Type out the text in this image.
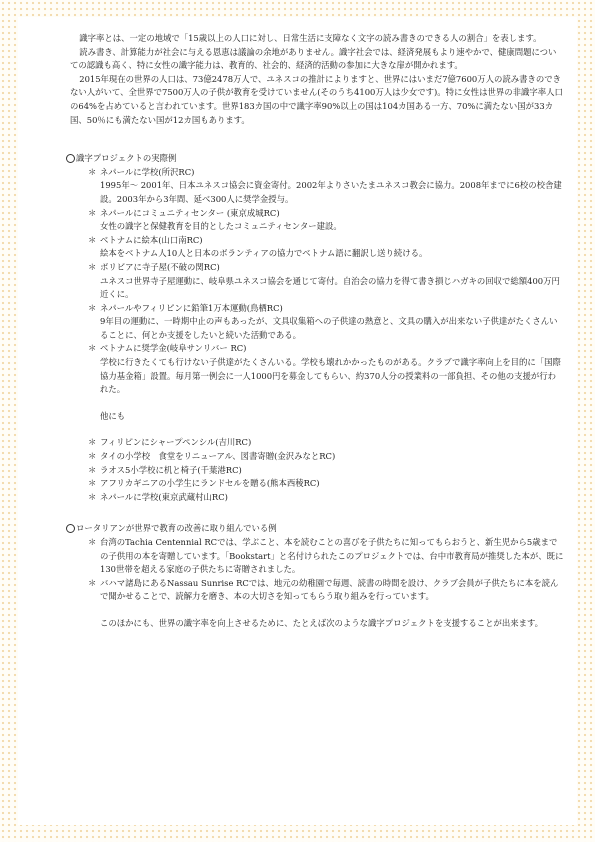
識字率とは、一定の地域で「15歳以上の人口に対し、日常生活に支障なく文字の読み書きのできる人の割合」を表します。

読み書き、計算能力が社会に与える恩恵は議論の余地がありません。識字社会では、経済発展もより速やかで、健康問題についての認識も高く、特に女性の識字能力は、教育的、社会的、経済的活動の参加に大きな扉が開かれます。

2015年現在の世界の人口は、73億2478万人で、ユネスコの推計によりますと、世界にはいまだ7億7600万人の読み書きのできない人がいて、全世界で7500万人の子供が教育を受けていません(そのうち4100万人は少女です)。特に女性は世界の非識字率人口の64%を占めていると言われています。世界183カ国の中で識字率90%以上の国は104カ国ある一方、70%に満たない国が33カ国、50％にも満たない国が12カ国もあります。

識字プロジェクトの実際例
＊ ネパールに学校(所沢RC)

1995年～ 2001年、日本ユネスコ協会に資金寄付。2002年よりさいたまユネスコ教会に協力。2008年までに6校の校舎建設。2003年から3年間、延べ300人に奨学金授与。

＊ ネパールにコミュニティセンター (東京成城RC)

女性の識字と保健教育を目的としたコミュニティセンター建設。

＊ ベトナムに絵本(山口南RC)

絵本をベトナム人10人と日本のボランティアの協力でベトナム語に翻訳し送り続ける。

＊ ボリビアに寺子屋(不破の関RC)

ユネスコ世界寺子屋運動に、岐阜県ユネスコ協会を通じて寄付。自治会の協力を得て書き損じハガキの回収で総額400万円近くに。

＊ ネパールやフィリピンに鉛筆1万本運動(鳥栖RC)

9年目の運動に、一時期中止の声もあったが、文具収集箱への子供達の熱意と、文具の購入が出来ない子供達がたくさんいることに、何とか支援をしたいと続いた活動である。

＊ ベトナムに奨学金(岐阜サンリバー RC)

学校に行きたくても行けない子供達がたくさんいる。学校も壊れかかったものがある。クラブで識字率向上を目的に「国際協力基金箱」設置。毎月第一例会に一人1000円を募金してもらい、約370人分の授業料の一部負担、その他の支援が行われた。

他にも

＊ フィリピンにシャープペンシル(吉川RC)
＊ タイの小学校　食堂をリニューアル、図書寄贈(金沢みなとRC)
＊ ラオス5小学校に机と椅子(千葉港RC)
＊ アフリカギニアの小学生にランドセルを贈る(熊本西稜RC)
＊ ネパールに学校(東京武蔵村山RC)
ロータリアンが世界で教育の改善に取り組んでいる例
＊ 台湾のTachia Centennial RCでは、学ぶこと、本を読むことの喜びを子供たちに知ってもらおうと、新生児から5歳までの子供用の本を寄贈しています。「Bookstart」と名付けられたこのプロジェクトでは、台中市教育局が推奨した本が、既に130世帯を超える家庭の子供たちに寄贈されました。
＊ バハマ諸島にあるNassau Sunrise RCでは、地元の幼稚園で毎週、読書の時間を設け、クラブ会員が子供たちに本を読んで聞かせることで、読解力を磨き、本の大切さを知ってもらう取り組みを行っています。

このほかにも、世界の識字率を向上させるために、たとえば次のような識字プロジェクトを支援することが出来ます。
